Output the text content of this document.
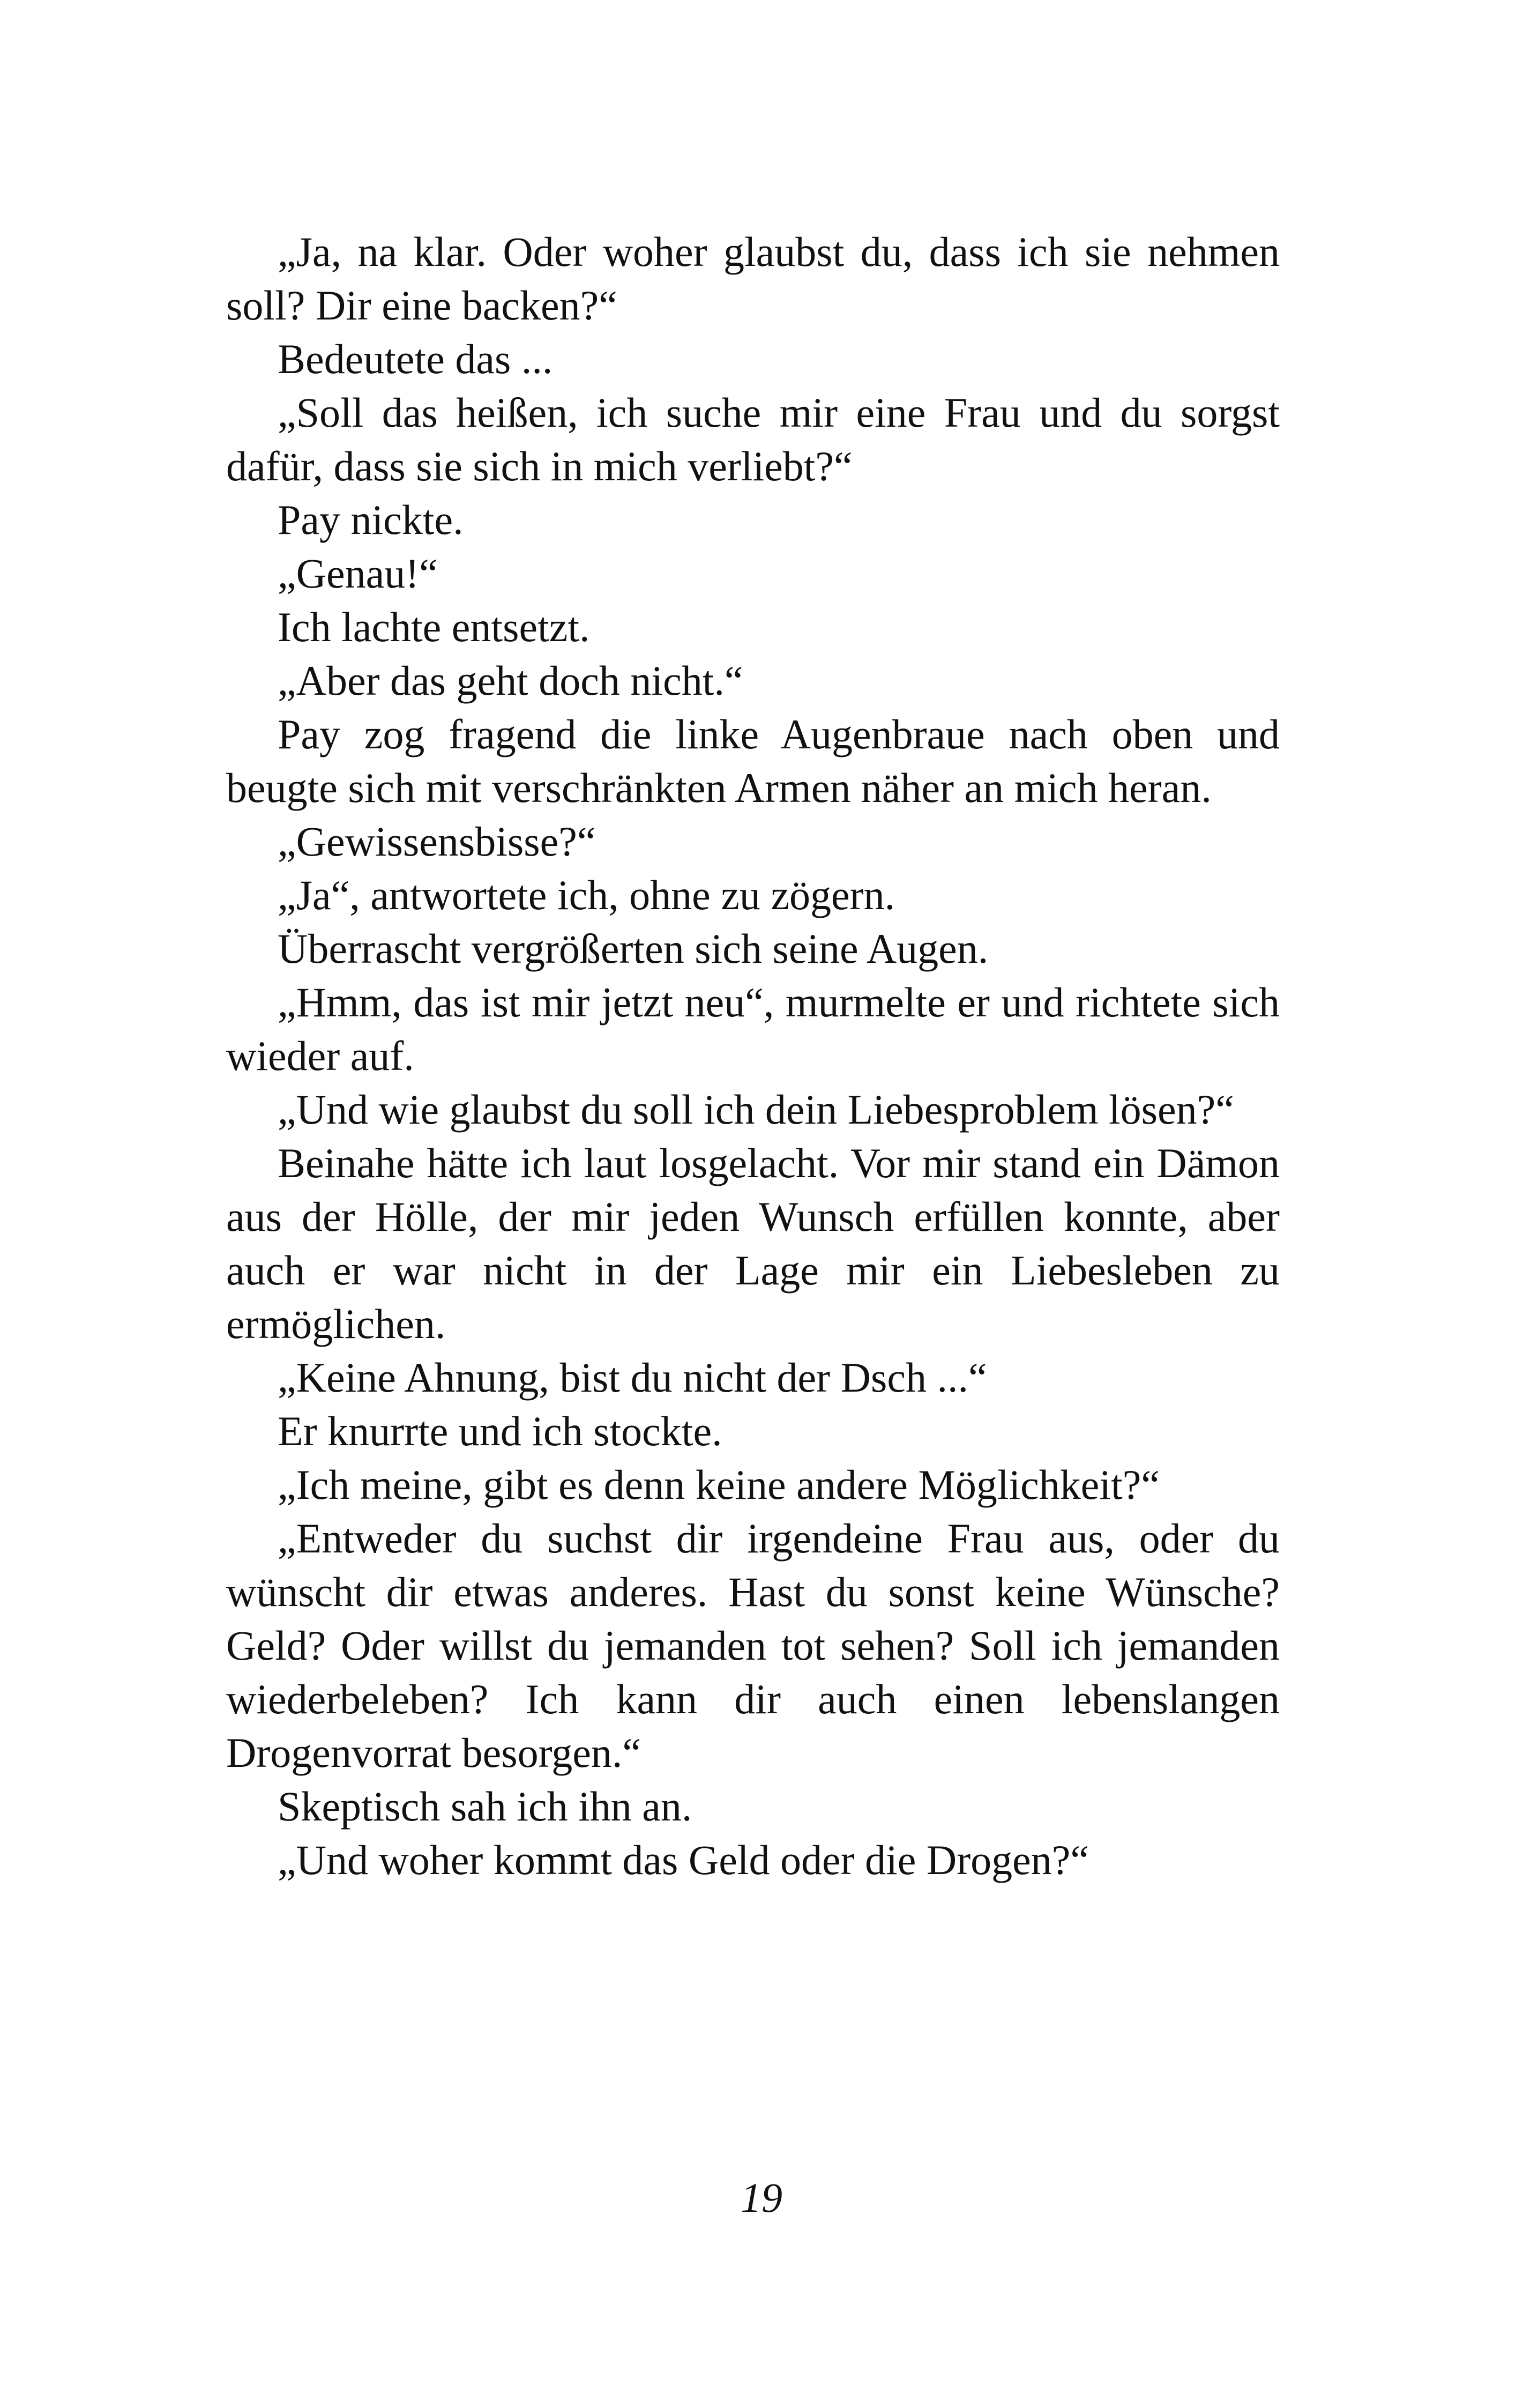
„Ja, na klar. Oder woher glaubst du, dass ich sie nehmen soll? Dir eine backen?“

Bedeutete das ...

„Soll das heißen, ich suche mir eine Frau und du sorgst dafür, dass sie sich in mich verliebt?“

Pay nickte.

„Genau!“

Ich lachte entsetzt.

„Aber das geht doch nicht.“

Pay zog fragend die linke Augenbraue nach oben und beugte sich mit verschränkten Armen näher an mich heran.

„Gewissensbisse?“

„Ja“, antwortete ich, ohne zu zögern.

Überrascht vergrößerten sich seine Augen.

„Hmm, das ist mir jetzt neu“, murmelte er und richtete sich wieder auf.

„Und wie glaubst du soll ich dein Liebesproblem lösen?“

Beinahe hätte ich laut losgelacht. Vor mir stand ein Dämon aus der Hölle, der mir jeden Wunsch erfüllen konnte, aber auch er war nicht in der Lage mir ein Liebesleben zu ermöglichen.

„Keine Ahnung, bist du nicht der Dsch ...“

Er knurrte und ich stockte.

„Ich meine, gibt es denn keine andere Möglichkeit?“

„Entweder du suchst dir irgendeine Frau aus, oder du wünscht dir etwas anderes. Hast du sonst keine Wünsche? Geld? Oder willst du jemanden tot sehen? Soll ich jemanden wiederbeleben? Ich kann dir auch einen lebenslangen Drogenvorrat besorgen.“

Skeptisch sah ich ihn an.

„Und woher kommt das Geld oder die Drogen?“

19
